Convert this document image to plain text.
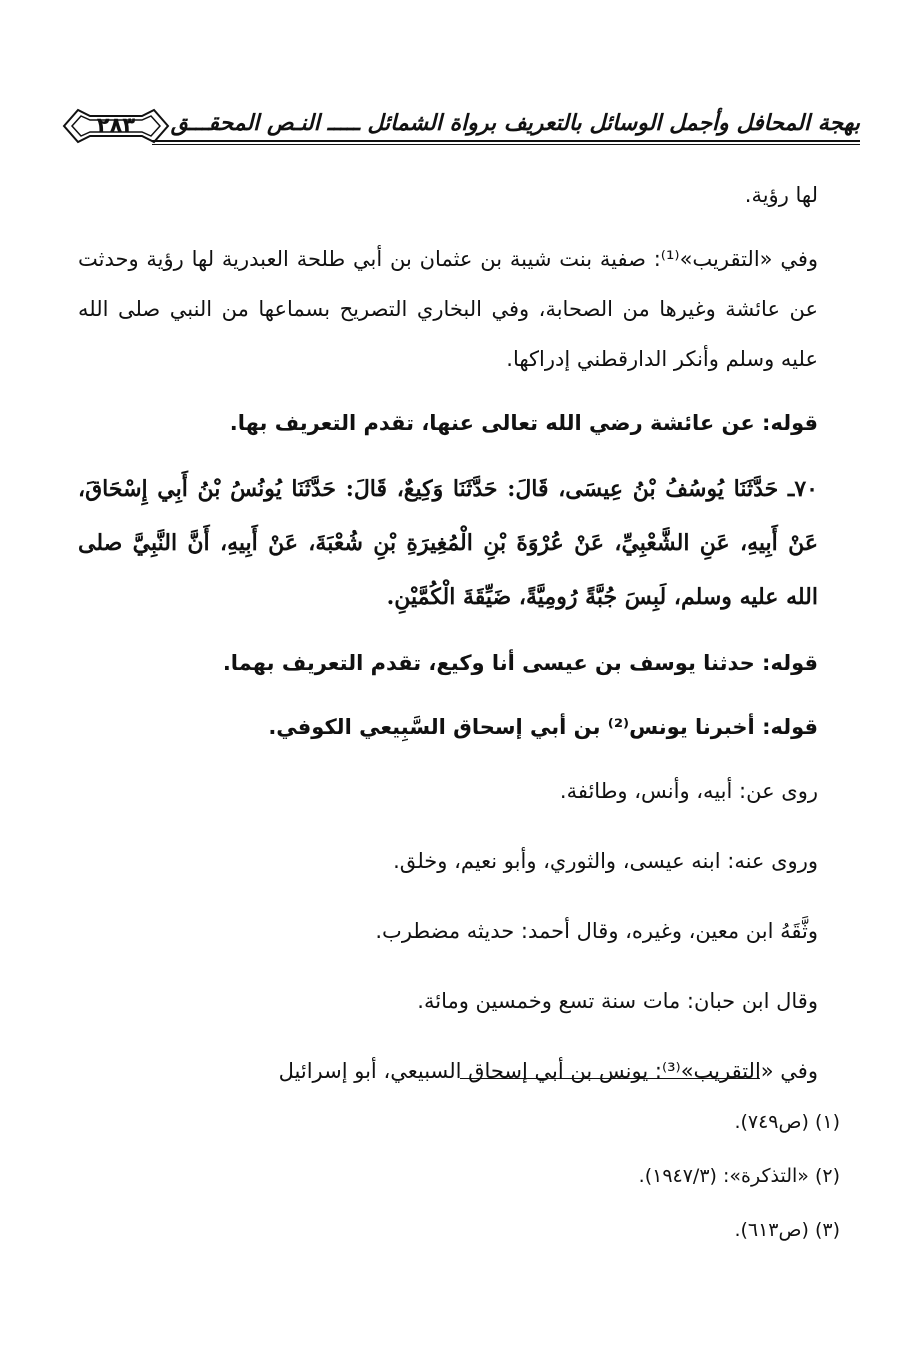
بهجة المحافل وأجمل الوسائل بالتعريف برواة الشمائل ـــــ النـص المحقـــق
٢٨٣

لها رؤية.

وفي «التقريب»⁽¹⁾: صفية بنت شيبة بن عثمان بن أبي طلحة العبدرية لها رؤية وحدثت عن عائشة وغيرها من الصحابة، وفي البخاري التصريح بسماعها من النبي صلى الله عليه وسلم وأنكر الدارقطني إدراكها.

قوله: عن عائشة رضي الله تعالى عنها، تقدم التعريف بها.

٧٠ـ حَدَّثَنَا يُوسُفُ بْنُ عِيسَى، قَالَ: حَدَّثَنَا وَكِيعٌ، قَالَ: حَدَّثَنَا يُونُسُ بْنُ أَبِي إِسْحَاقَ، عَنْ أَبِيهِ، عَنِ الشَّعْبِيِّ، عَنْ عُرْوَةَ بْنِ الْمُغِيرَةِ بْنِ شُعْبَةَ، عَنْ أَبِيهِ، أَنَّ النَّبِيَّ صلى الله عليه وسلم، لَبِسَ جُبَّةً رُومِيَّةً، ضَيِّقَةَ الْكُمَّيْنِ.

قوله: حدثنا يوسف بن عيسى أنا وكيع، تقدم التعريف بهما.

قوله: أخبرنا يونس⁽²⁾ بن أبي إسحاق السَّبِيعي الكوفي.

روى عن: أبيه، وأنس، وطائفة.

وروى عنه: ابنه عيسى، والثوري، وأبو نعيم، وخلق.

وثَّقَهُ ابن معين، وغيره، وقال أحمد: حديثه مضطرب.

وقال ابن حبان: مات سنة تسع وخمسين ومائة.

وفي «التقريب»⁽³⁾: يونس بن أبي إسحاق السبيعي، أبو إسرائيل

(١) (ص٧٤٩).
(٢) «التذكرة»: (١٩٤٧/٣).
(٣) (ص٦١٣).
